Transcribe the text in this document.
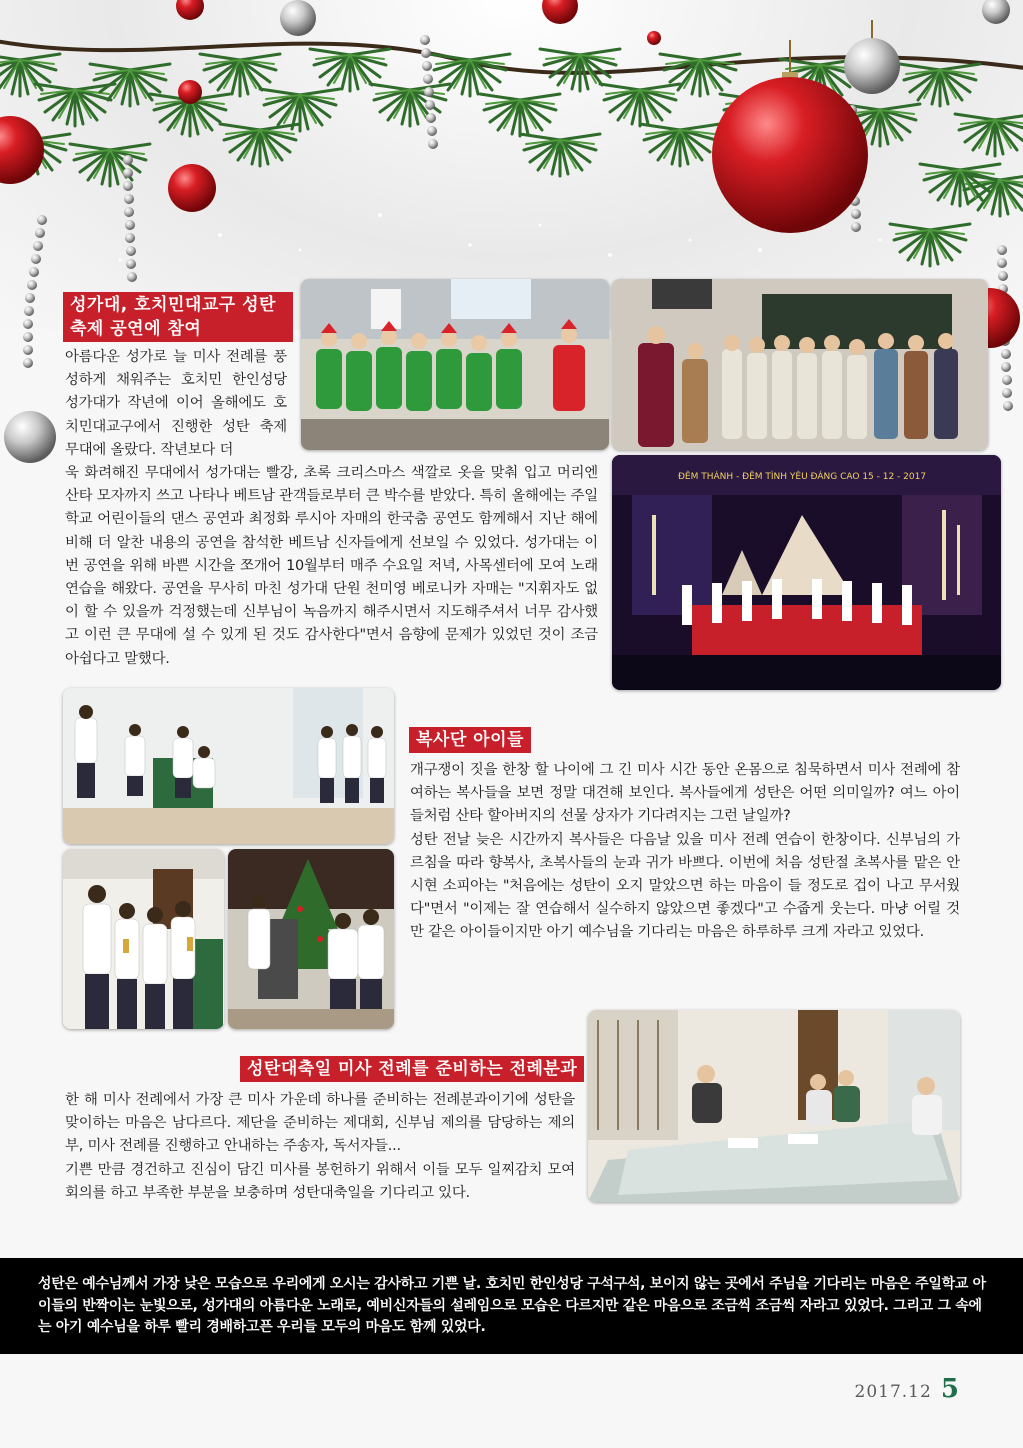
성가대, 호치민대교구 성탄
축제 공연에 참여

아름다운 성가로 늘 미사 전례를 풍성하게 채워주는 호치민 한인성당 성가대가 작년에 이어 올해에도 호치민대교구에서 진행한 성탄 축제 무대에 올랐다. 작년보다 더

욱 화려해진 무대에서 성가대는 빨강, 초록 크리스마스 색깔로 옷을 맞춰 입고 머리엔 산타 모자까지 쓰고 나타나 베트남 관객들로부터 큰 박수를 받았다. 특히 올해에는 주일학교 어린이들의 댄스 공연과 최정화 루시아 자매의 한국춤 공연도 함께해서 지난 해에 비해 더 알찬 내용의 공연을 참석한 베트남 신자들에게 선보일 수 있었다. 성가대는 이번 공연을 위해 바쁜 시간을 쪼개어 10월부터 매주 수요일 저녁, 사목센터에 모여 노래 연습을 해왔다. 공연을 무사히 마친 성가대 단원 천미영 베로니카 자매는 "지휘자도 없이 할 수 있을까 걱정했는데 신부님이 녹음까지 해주시면서 지도해주셔서 너무 감사했고 이런 큰 무대에 설 수 있게 된 것도 감사한다"면서 음향에 문제가 있었던 것이 조금 아쉽다고 말했다.

ĐÊM THÁNH - ĐÊM TÌNH YÊU ĐÁNG CAO 15 - 12 - 2017
복사단 아이들

개구쟁이 짓을 한창 할 나이에 그 긴 미사 시간 동안 온몸으로 침묵하면서 미사 전례에 참여하는 복사들을 보면 정말 대견해 보인다. 복사들에게 성탄은 어떤 의미일까? 여느 아이들처럼 산타 할아버지의 선물 상자가 기다려지는 그런 날일까?

성탄 전날 늦은 시간까지 복사들은 다음날 있을 미사 전례 연습이 한창이다. 신부님의 가르침을 따라 향복사, 초복사들의 눈과 귀가 바쁘다. 이번에 처음 성탄절 초복사를 맡은 안시현 소피아는 "처음에는 성탄이 오지 말았으면 하는 마음이 들 정도로 겁이 나고 무서웠다"면서 "이제는 잘 연습해서 실수하지 않았으면 좋겠다"고 수줍게 웃는다. 마냥 어릴 것만 같은 아이들이지만 아기 예수님을 기다리는 마음은 하루하루 크게 자라고 있었다.

성탄대축일 미사 전례를 준비하는 전례분과

한 해 미사 전례에서 가장 큰 미사 가운데 하나를 준비하는 전례분과이기에 성탄을 맞이하는 마음은 남다르다. 제단을 준비하는 제대회, 신부님 제의를 담당하는 제의부, 미사 전례를 진행하고 안내하는 주송자, 독서자들...

기쁜 만큼 경건하고 진심이 담긴 미사를 봉헌하기 위해서 이들 모두 일찌감치 모여 회의를 하고 부족한 부분을 보충하며 성탄대축일을 기다리고 있다.

성탄은 예수님께서 가장 낮은 모습으로 우리에게 오시는 감사하고 기쁜 날. 호치민 한인성당 구석구석, 보이지 않는 곳에서 주님을 기다리는 마음은 주일학교 아이들의 반짝이는 눈빛으로, 성가대의 아름다운 노래로, 예비신자들의 설레임으로 모습은 다르지만 같은 마음으로 조금씩 조금씩 자라고 있었다. 그리고 그 속에는 아기 예수님을 하루 빨리 경배하고픈 우리들 모두의 마음도 함께 있었다.
2017.12 5
